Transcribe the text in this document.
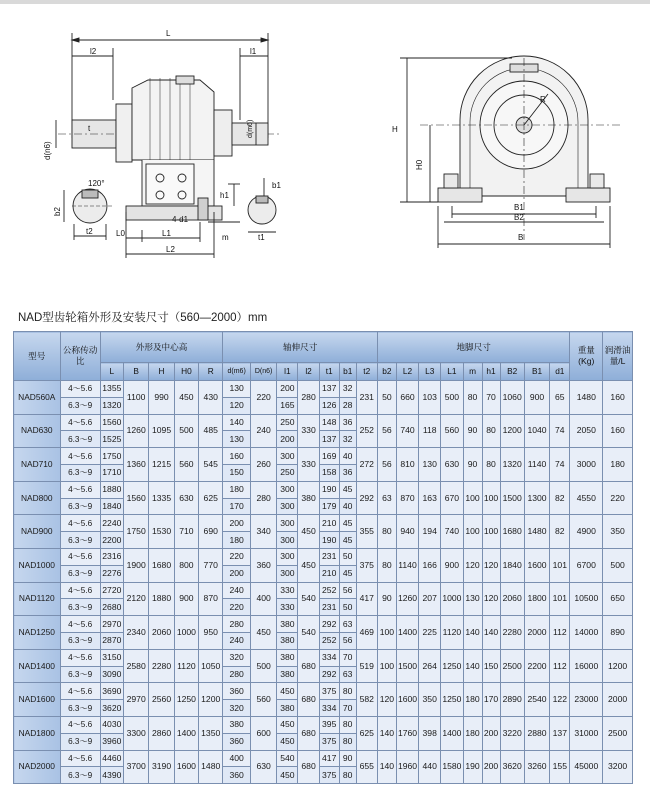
L
l2	l1
d(n6)
d(m6)
t
120°
b2
t2	L0	L1
L2
4-d1
m
h1
b1
t1
H
H0
R
B1
B2
B
NAD型齿轮箱外形及安装尺寸（560—2000）mm
型号	公称传动比	外形及中心高					轴伸尺寸							地脚尺寸									重量(Kg)	润滑油量/L
		L	B	H	H0	R	d(m6)	D(n6)	l1	l2	t1	b1	t2	b2	L2	L3	L1	m	h1	B2	B1	d1		
NAD560A	4～5.6	1355	1100	990	450	430	130	220	200	280	137	32	231	50	660	103	500	80	70	1060	900	65	1480	160
	6.3～9	1320					120		165		126	28												
NAD630	4～5.6	1560	1260	1095	500	485	140	240	250	330	148	36	252	56	740	118	560	90	80	1200	1040	74	2050	160
	6.3～9	1525					130		200		137	32												
NAD710	4～5.6	1750	1360	1215	560	545	160	260	300	330	169	40	272	56	810	130	630	90	80	1320	1140	74	3000	180
	6.3～9	1710					150		250		158	36												
NAD800	4～5.6	1880	1560	1335	630	625	180	280	300	380	190	45	292	63	870	163	670	100	100	1500	1300	82	4550	220
	6.3～9	1840					170		300		179	40												
NAD900	4～5.6	2240	1750	1530	710	690	200	340	300	450	210	45	355	80	940	194	740	100	100	1680	1480	82	4900	350
	6.3～9	2200					180		300		190	45												
NAD1000	4～5.6	2316	1900	1680	800	770	220	360	300	450	231	50	375	80	1140	166	900	120	120	1840	1600	101	6700	500
	6.3～9	2276					200		300		210	45												
NAD1120	4～5.6	2720	2120	1880	900	870	240	400	330	540	252	56	417	90	1260	207	1000	130	120	2060	1800	101	10500	650
	6.3～9	2680					220		330		231	50												
NAD1250	4～5.6	2970	2340	2060	1000	950	280	450	380	540	292	63	469	100	1400	225	1120	140	140	2280	2000	112	14000	890
	6.3～9	2870					240		380		252	56												
NAD1400	4～5.6	3150	2580	2280	1120	1050	320	500	380	680	334	70	519	100	1500	264	1250	140	150	2500	2200	112	16000	1200
	6.3～9	3090					280		380		292	63												
NAD1600	4～5.6	3690	2970	2560	1250	1200	360	560	450	680	375	80	582	120	1600	350	1250	180	170	2890	2540	122	23000	2000
	6.3～9	3620					320		380		334	70												
NAD1800	4～5.6	4030	3300	2860	1400	1350	380	600	450	680	395	80	625	140	1760	398	1400	180	200	3220	2880	137	31000	2500
	6.3～9	3960					360		450		375	80												
NAD2000	4～5.6	4460	3700	3190	1600	1480	400	630	540	680	417	90	655	140	1960	440	1580	190	200	3620	3260	155	45000	3200
	6.3～9	4390					360		450		375	80												
